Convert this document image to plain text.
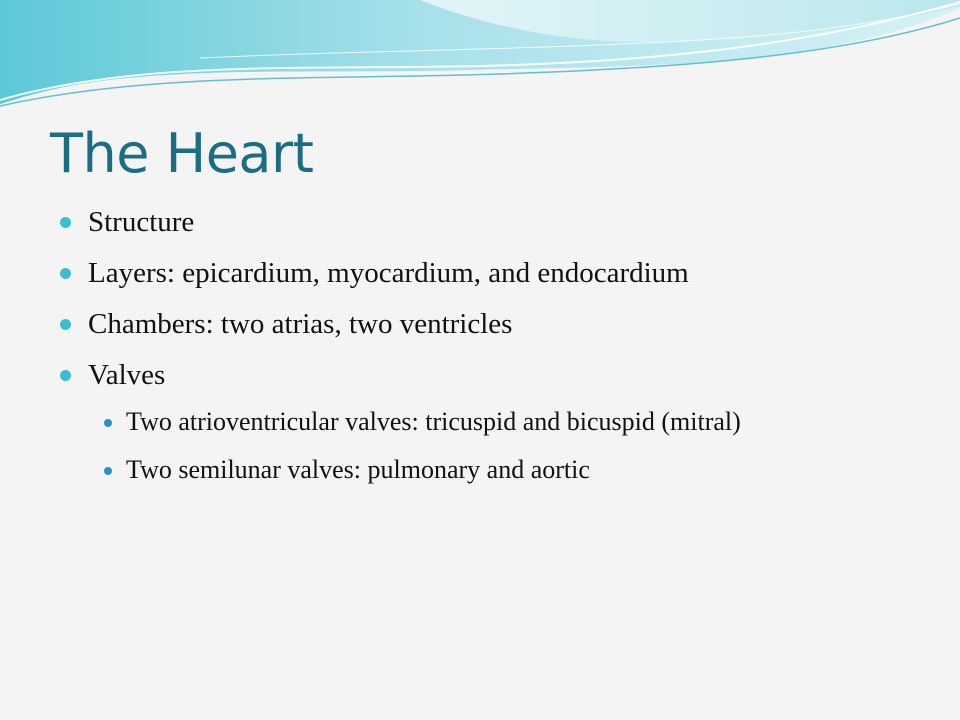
The Heart
Structure
Layers: epicardium, myocardium, and endocardium
Chambers: two atrias, two ventricles
Valves
Two atrioventricular valves: tricuspid and bicuspid (mitral)
Two semilunar valves: pulmonary and aortic
